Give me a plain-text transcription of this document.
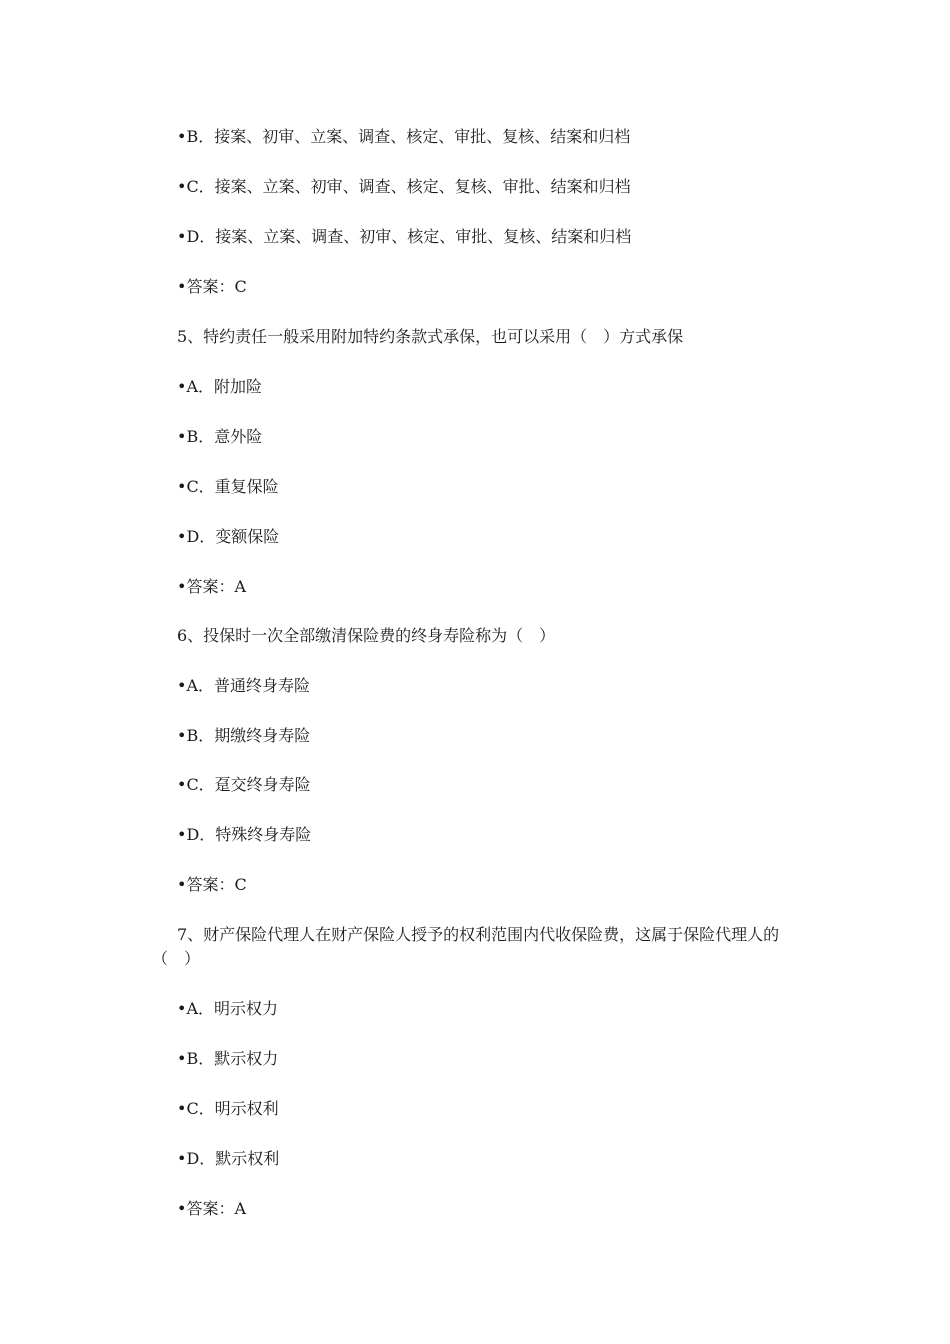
•B．接案、初审、立案、调查、核定、审批、复核、结案和归档
•C．接案、立案、初审、调查、核定、复核、审批、结案和归档
•D．接案、立案、调查、初审、核定、审批、复核、结案和归档
•答案：C
5、特约责任一般采用附加特约条款式承保，也可以采用（　）方式承保
•A．附加险
•B．意外险
•C．重复保险
•D．变额保险
•答案：A
6、投保时一次全部缴清保险费的终身寿险称为（　）
•A．普通终身寿险
•B．期缴终身寿险
•C．趸交终身寿险
•D．特殊终身寿险
•答案：C
7、财产保险代理人在财产保险人授予的权利范围内代收保险费，这属于保险代理人的
（　）
•A．明示权力
•B．默示权力
•C．明示权利
•D．默示权利
•答案：A
